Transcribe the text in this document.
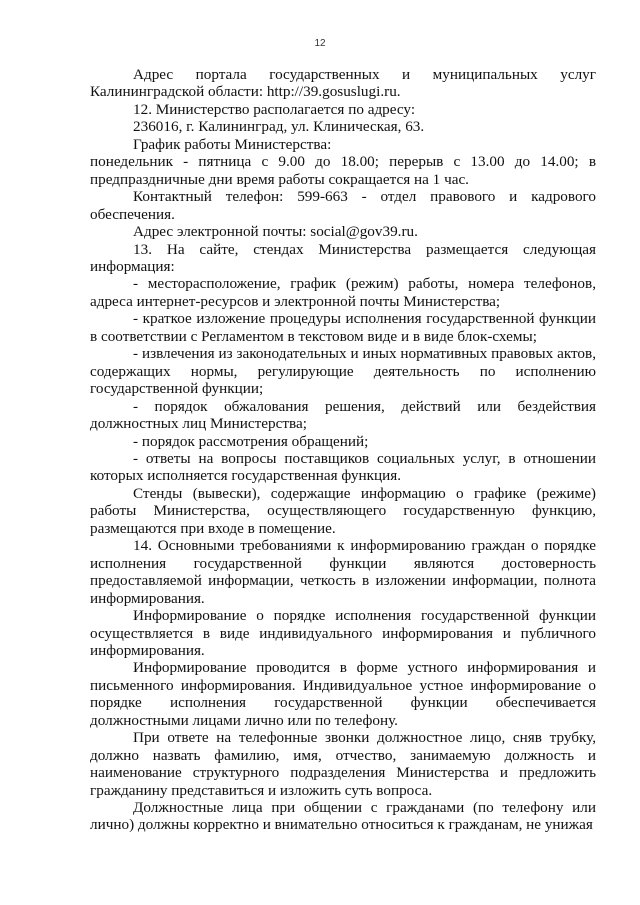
12

Адрес портала государственных и муниципальных услуг Калининградской области: http://39.gosuslugi.ru.

12. Министерство располагается по адресу:

236016, г. Калининград, ул. Клиническая, 63.

График работы Министерства:

понедельник - пятница с 9.00 до 18.00; перерыв с 13.00 до 14.00; в предпраздничные дни время работы сокращается на 1 час.

Контактный телефон: 599-663 - отдел правового и кадрового обеспечения.

Адрес электронной почты: social@gov39.ru.

13. На сайте, стендах Министерства размещается следующая информация:

- месторасположение, график (режим) работы, номера телефонов, адреса интернет-ресурсов и электронной почты Министерства;

- краткое изложение процедуры исполнения государственной функции в соответствии с Регламентом в текстовом виде и в виде блок-схемы;

- извлечения из законодательных и иных нормативных правовых актов, содержащих нормы, регулирующие деятельность по исполнению государственной функции;

- порядок обжалования решения, действий или бездействия должностных лиц Министерства;

- порядок рассмотрения обращений;

- ответы на вопросы поставщиков социальных услуг, в отношении которых исполняется государственная функция.

Стенды (вывески), содержащие информацию о графике (режиме) работы Министерства, осуществляющего государственную функцию, размещаются при входе в помещение.

14. Основными требованиями к информированию граждан о порядке исполнения государственной функции являются достоверность предоставляемой информации, четкость в изложении информации, полнота информирования.

Информирование о порядке исполнения государственной функции осуществляется в виде индивидуального информирования и публичного информирования.

Информирование проводится в форме устного информирования и письменного информирования. Индивидуальное устное информирование о порядке исполнения государственной функции обеспечивается должностными лицами лично или по телефону.

При ответе на телефонные звонки должностное лицо, сняв трубку, должно назвать фамилию, имя, отчество, занимаемую должность и наименование структурного подразделения Министерства и предложить гражданину представиться и изложить суть вопроса.

Должностные лица при общении с гражданами (по телефону или лично) должны корректно и внимательно относиться к гражданам, не унижая
